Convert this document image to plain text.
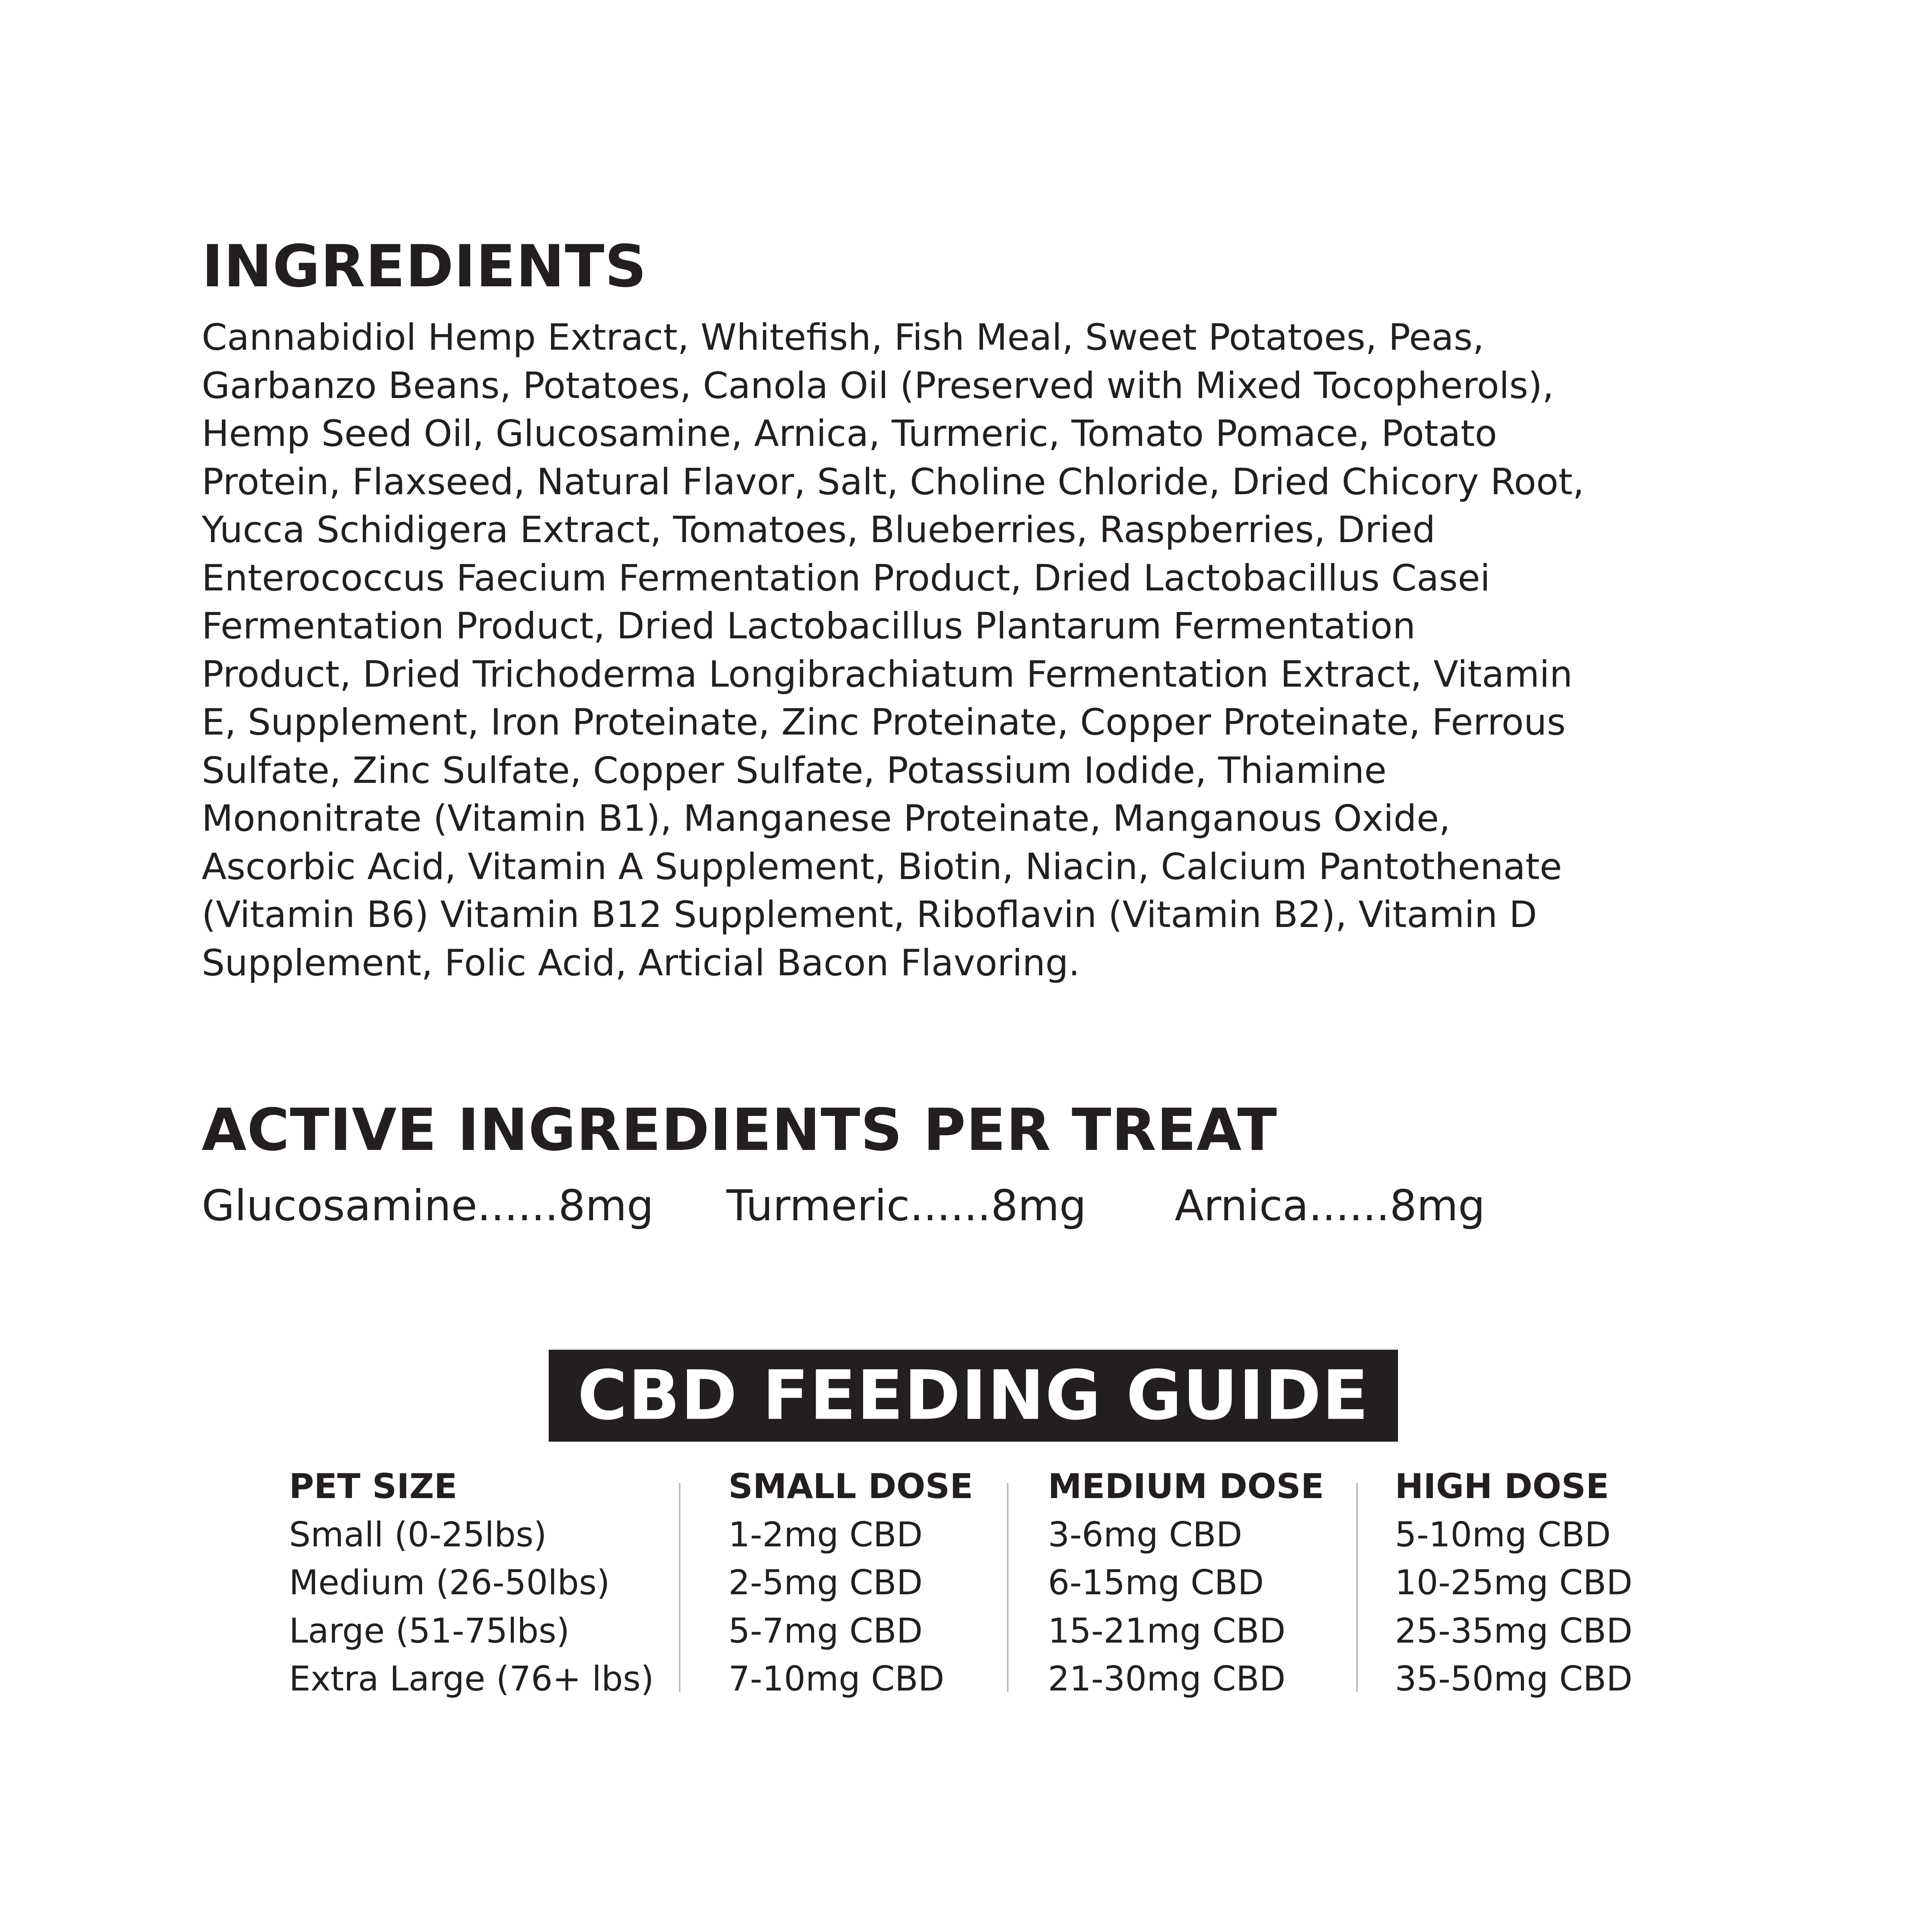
INGREDIENTS
Cannabidiol Hemp Extract, Whitefish, Fish Meal, Sweet Potatoes, Peas,
Garbanzo Beans, Potatoes, Canola Oil (Preserved with Mixed Tocopherols),
Hemp Seed Oil, Glucosamine, Arnica, Turmeric, Tomato Pomace, Potato
Protein, Flaxseed, Natural Flavor, Salt, Choline Chloride, Dried Chicory Root,
Yucca Schidigera Extract, Tomatoes, Blueberries, Raspberries, Dried
Enterococcus Faecium Fermentation Product, Dried Lactobacillus Casei
Fermentation Product, Dried Lactobacillus Plantarum Fermentation
Product, Dried Trichoderma Longibrachiatum Fermentation Extract, Vitamin
E, Supplement, Iron Proteinate, Zinc Proteinate, Copper Proteinate, Ferrous
Sulfate, Zinc Sulfate, Copper Sulfate, Potassium Iodide, Thiamine
Mononitrate (Vitamin B1), Manganese Proteinate, Manganous Oxide,
Ascorbic Acid, Vitamin A Supplement, Biotin, Niacin, Calcium Pantothenate
(Vitamin B6) Vitamin B12 Supplement, Riboflavin (Vitamin B2), Vitamin D
Supplement, Folic Acid, Articial Bacon Flavoring.
ACTIVE INGREDIENTS PER TREAT

Glucosamine......8mg Turmeric......8mg Arnica......8mg

CBD FEEDING GUIDE
PET SIZE
Small (0-25lbs)
Medium (26-50lbs)
Large (51-75lbs)
Extra Large (76+ lbs)
SMALL DOSE
1-2mg CBD
2-5mg CBD
5-7mg CBD
7-10mg CBD
MEDIUM DOSE
3-6mg CBD
6-15mg CBD
15-21mg CBD
21-30mg CBD
HIGH DOSE
5-10mg CBD
10-25mg CBD
25-35mg CBD
35-50mg CBD
